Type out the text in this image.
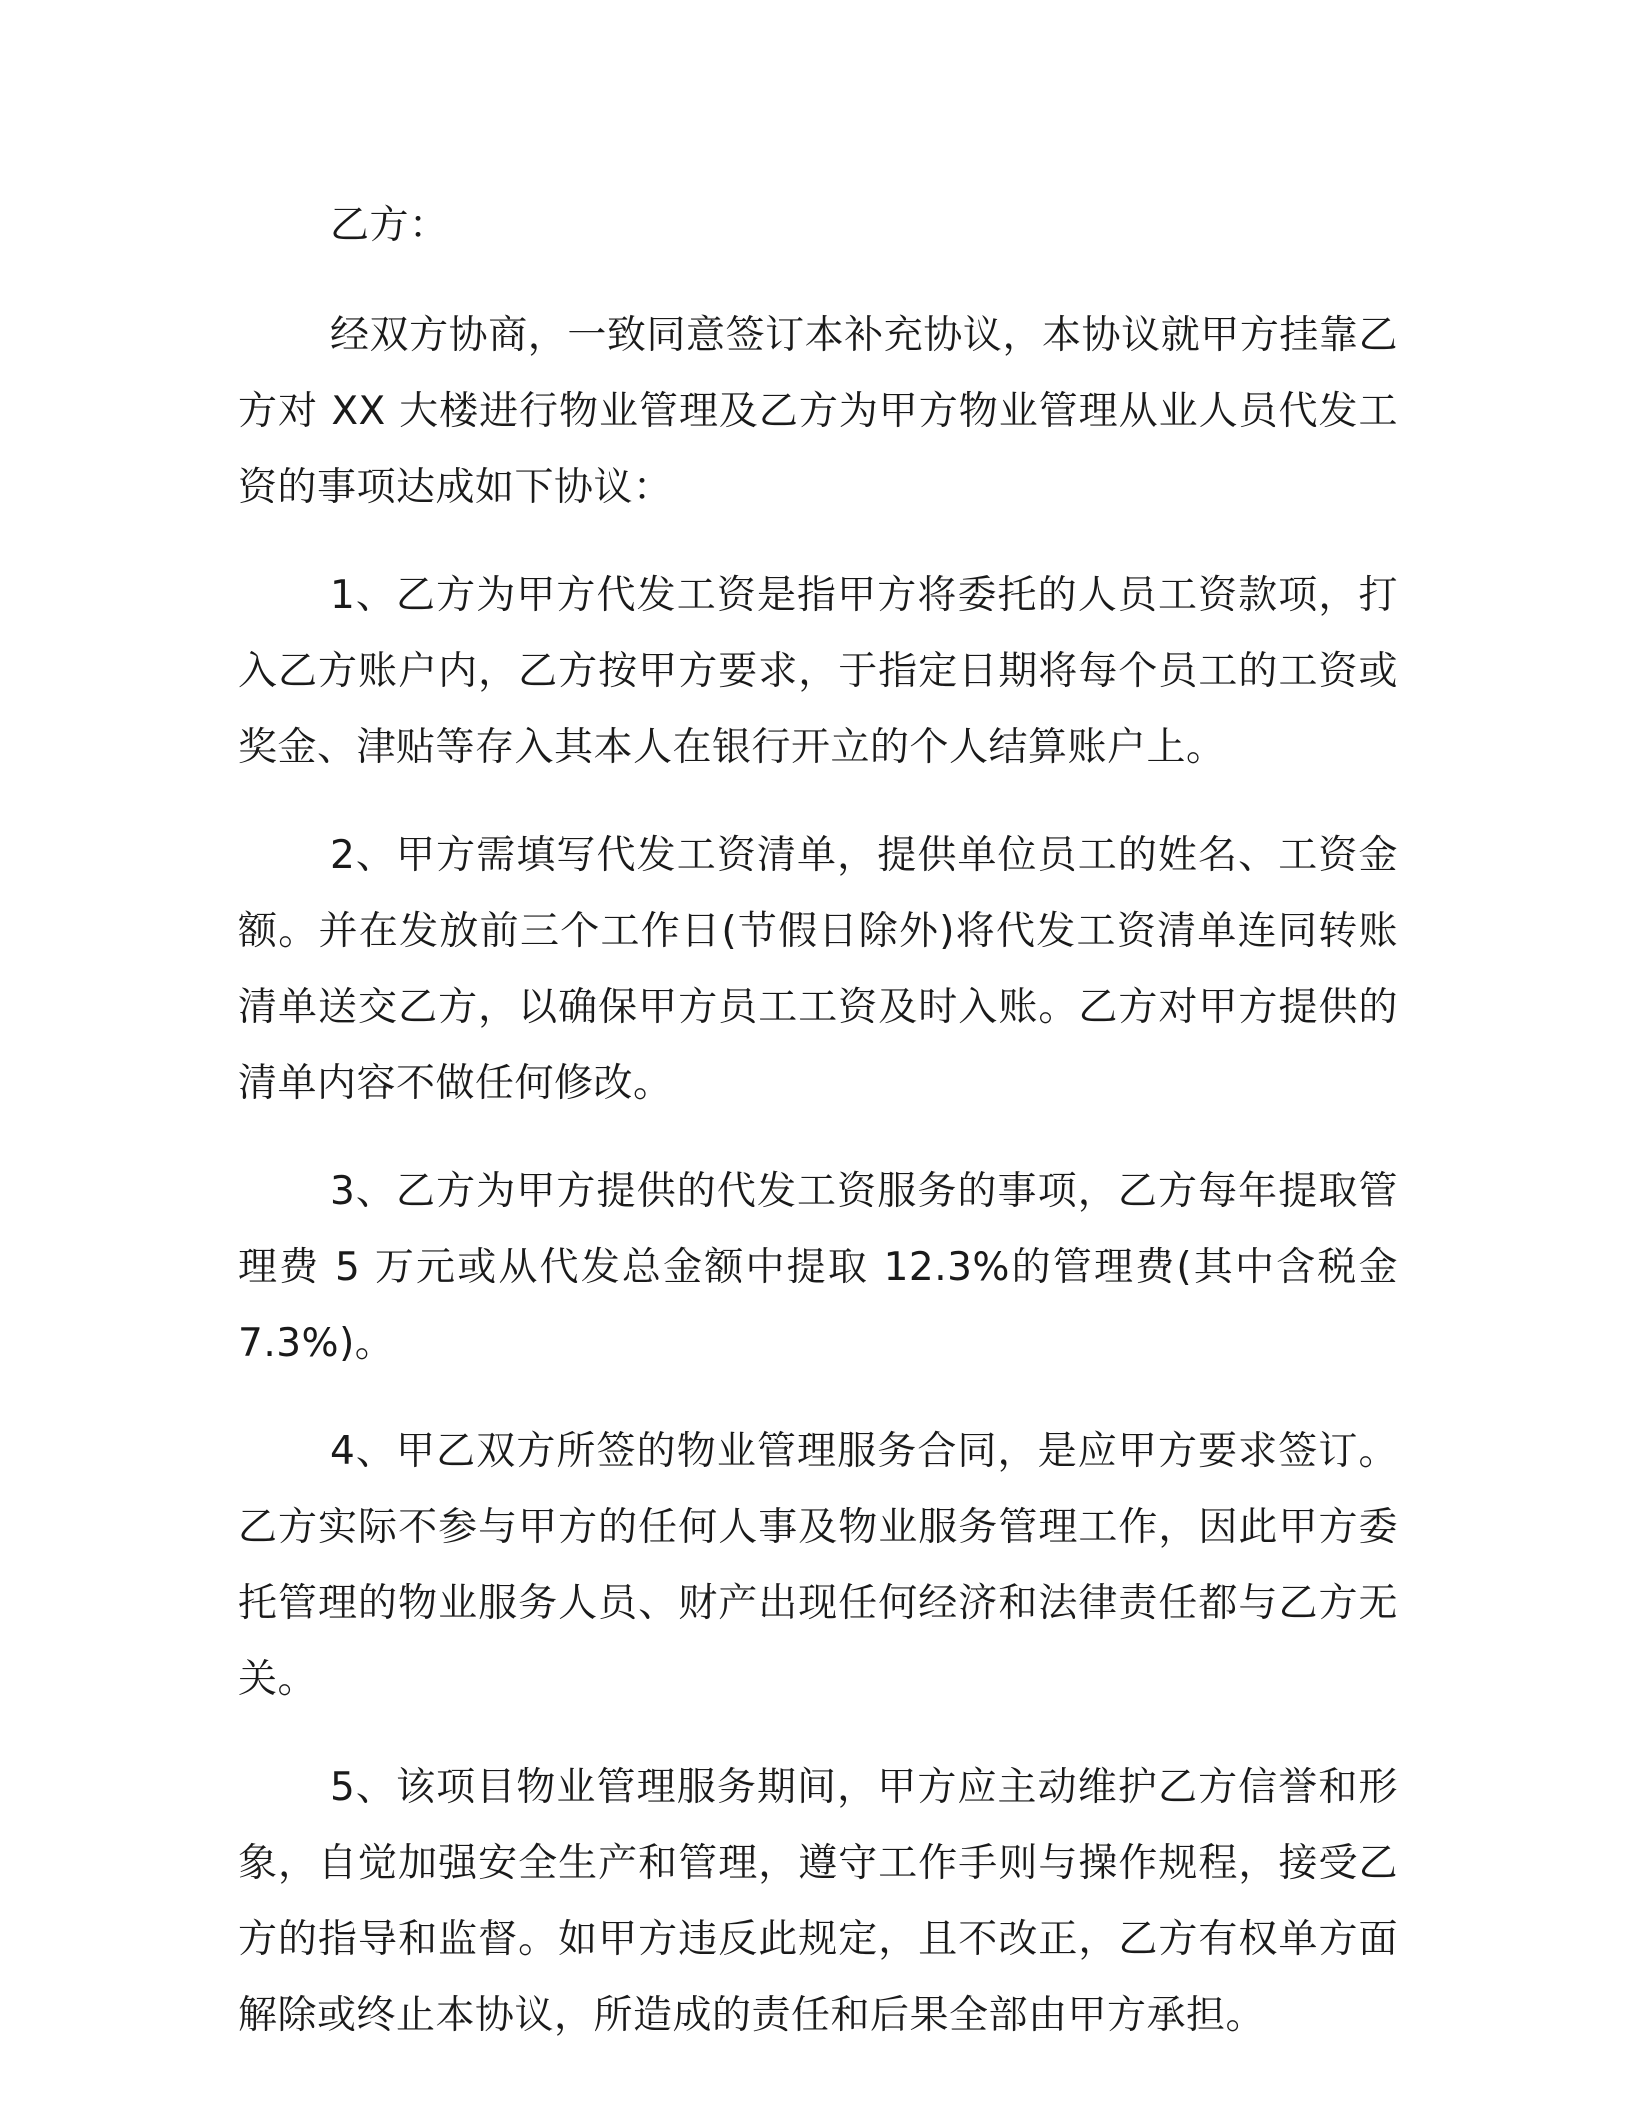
乙方：

经双方协商，一致同意签订本补充协议，本协议就甲方挂靠乙方对 XX 大楼进行物业管理及乙方为甲方物业管理从业人员代发工资的事项达成如下协议：

1、乙方为甲方代发工资是指甲方将委托的人员工资款项，打入乙方账户内，乙方按甲方要求，于指定日期将每个员工的工资或奖金、津贴等存入其本人在银行开立的个人结算账户上。

2、甲方需填写代发工资清单，提供单位员工的姓名、工资金额。并在发放前三个工作日(节假日除外)将代发工资清单连同转账清单送交乙方，以确保甲方员工工资及时入账。乙方对甲方提供的清单内容不做任何修改。

3、乙方为甲方提供的代发工资服务的事项，乙方每年提取管理费 5 万元或从代发总金额中提取 12.3%的管理费(其中含税金 7.3%)。

4、甲乙双方所签的物业管理服务合同，是应甲方要求签订。乙方实际不参与甲方的任何人事及物业服务管理工作，因此甲方委托管理的物业服务人员、财产出现任何经济和法律责任都与乙方无关。

5、该项目物业管理服务期间，甲方应主动维护乙方信誉和形象，自觉加强安全生产和管理，遵守工作手则与操作规程，接受乙方的指导和监督。如甲方违反此规定，且不改正，乙方有权单方面解除或终止本协议，所造成的责任和后果全部由甲方承担。
